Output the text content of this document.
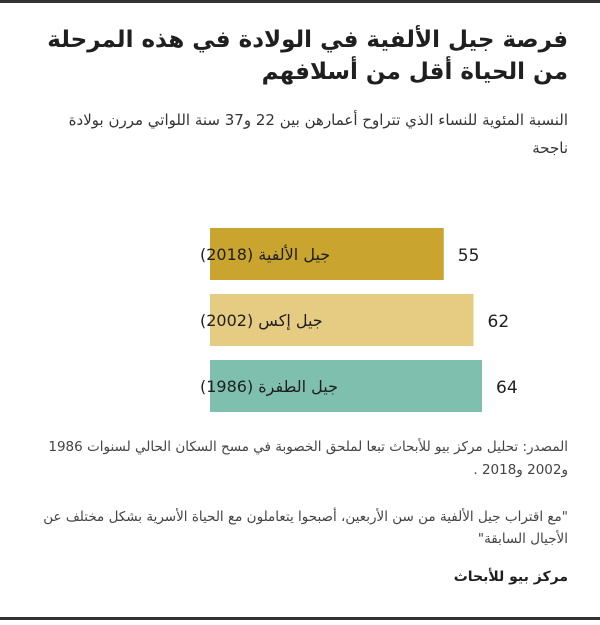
فرصة جيل الألفية في الولادة في هذه المرحلة من الحياة أقل من أسلافهم

النسبة المئوية للنساء الذي تتراوح أعمارهن بين 22 و37 سنة اللواتي مررن بولادة ناجحة

جيل الألفية (2018)	55
جيل إكس (2002)	62
جيل الطفرة (1986)	64

المصدر: تحليل مركز بيو للأبحاث تبعا لملحق الخصوبة في مسح السكان الحالي لسنوات 1986 و2002 و2018 .

"مع اقتراب جيل الألفية من سن الأربعين، أصبحوا يتعاملون مع الحياة الأسرية بشكل مختلف عن الأجيال السابقة"

مركز بيو للأبحاث
